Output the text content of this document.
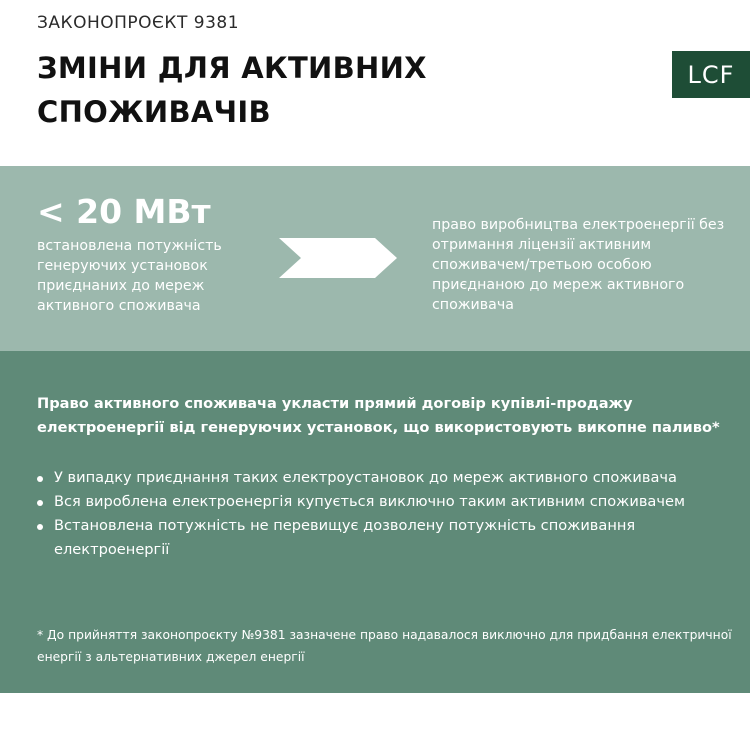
ЗАКОНОПРОЄКТ 9381
ЗМІНИ ДЛЯ АКТИВНИХ
СПОЖИВАЧІВ
LCF
< 20 МВт
встановлена потужність генеруючих установок приєднаних до мереж активного споживача
право виробництва електроенергії без отримання ліцензії активним споживачем/третьою особою приєднаною до мереж активного споживача

Право активного споживача укласти прямий договір купівлі-продажу електроенергії від генеруючих установок, що використовують викопне паливо*

У випадку приєднання таких електроустановок до мереж активного споживача
Вся вироблена електроенергія купується виключно таким активним споживачем
Встановлена потужність не перевищує дозволену потужність споживання електроенергії

* До прийняття законопроєкту №9381 зазначене право надавалося виключно для придбання електричної енергії з альтернативних джерел енергії
